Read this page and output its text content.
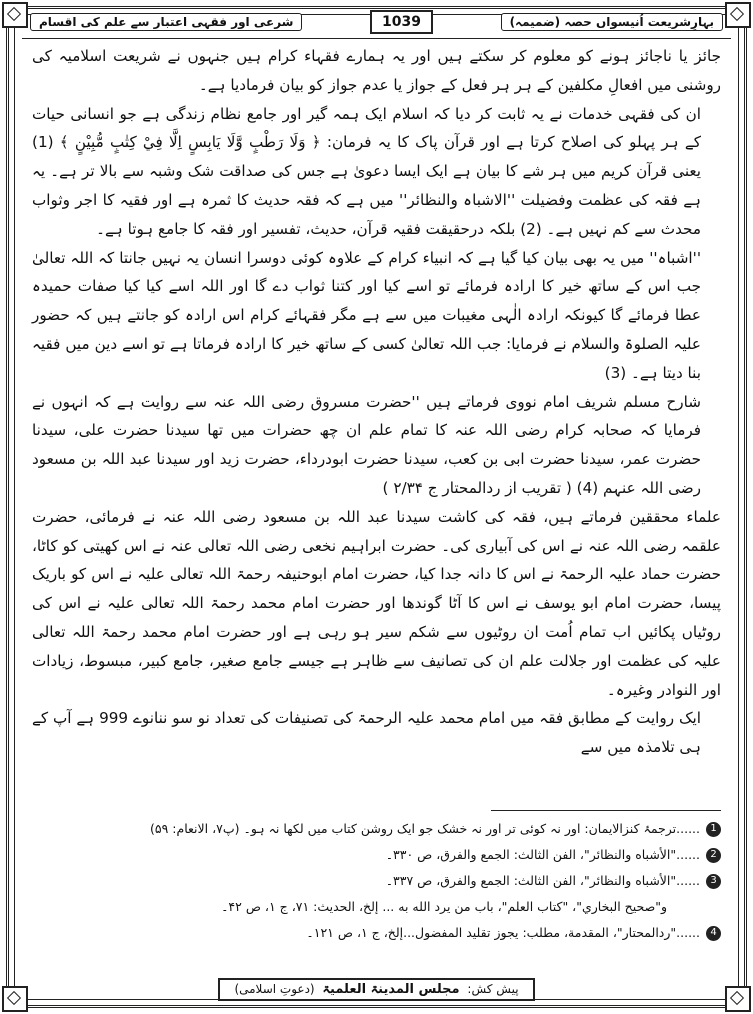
بہارِشریعت اُنیسواں حصہ (ضمیمہ)
1039
شرعی اور فقہی اعتبار سے علم کی اقسام

جائز یا ناجائز ہونے کو معلوم کر سکتے ہیں اور یہ ہمارے فقہاء کرام ہیں جنہوں نے شریعت اسلامیہ کی روشنی میں افعالِ مکلفین کے ہر ہر فعل کے جواز یا عدم جواز کو بیان فرمادیا ہے۔

ان کی فقہی خدمات نے یہ ثابت کر دیا کہ اسلام ایک ہمہ گیر اور جامع نظام زندگی ہے جو انسانی حیات کے ہر پہلو کی اصلاح کرتا ہے اور قرآن پاک کا یہ فرمان: ﴿ وَلَا رَطْبٍ وَّلَا يَابِسٍ اِلَّا فِيْ كِتٰبٍ مُّبِيْنٍ ﴾ (1) یعنی قرآن کریم میں ہر شے کا بیان ہے ایک ایسا دعویٰ ہے جس کی صداقت شک وشبہ سے بالا تر ہے۔ یہ ہے فقہ کی عظمت وفضیلت ''الاشباہ والنظائر'' میں ہے کہ فقہ حدیث کا ثمرہ ہے اور فقیہ کا اجر وثواب محدث سے کم نہیں ہے۔ (2) بلکہ درحقیقت فقیہ قرآن، حدیث، تفسیر اور فقہ کا جامع ہوتا ہے۔

''اشباہ'' میں یہ بھی بیان کیا گیا ہے کہ انبیاء کرام کے علاوہ کوئی دوسرا انسان یہ نہیں جانتا کہ اللہ تعالیٰ جب اس کے ساتھ خیر کا ارادہ فرمائے تو اسے کیا اور کتنا ثواب دے گا اور اللہ اسے کیا کیا صفات حمیدہ عطا فرمائے گا کیونکہ ارادہ الٰہی مغیبات میں سے ہے مگر فقہائے کرام اس ارادہ کو جانتے ہیں کہ حضور علیہ الصلوۃ والسلام نے فرمایا: جب اللہ تعالیٰ کسی کے ساتھ خیر کا ارادہ فرماتا ہے تو اسے دین میں فقیہ بنا دیتا ہے۔ (3)

شارح مسلم شریف امام نووی فرماتے ہیں ''حضرت مسروق رضی اللہ عنہ سے روایت ہے کہ انہوں نے فرمایا کہ صحابہ کرام رضی اللہ عنہ کا تمام علم ان چھ حضرات میں تھا سیدنا حضرت علی، سیدنا حضرت عمر، سیدنا حضرت ابی بن کعب، سیدنا حضرت ابودرداء، حضرت زید اور سیدنا عبد اللہ بن مسعود رضی اللہ عنہم (4) ( تقریب از ردالمحتار ج ۲/۳۴ )

علماء محققین فرماتے ہیں، فقہ کی کاشت سیدنا عبد اللہ بن مسعود رضی اللہ عنہ نے فرمائی، حضرت علقمہ رضی اللہ عنہ نے اس کی آبیاری کی۔ حضرت ابراہیم نخعی رضی اللہ تعالی عنہ نے اس کھیتی کو کاٹا، حضرت حماد علیہ الرحمۃ نے اس کا دانہ جدا کیا، حضرت امام ابوحنیفہ رحمۃ اللہ تعالی علیہ نے اس کو باریک پیسا، حضرت امام ابو یوسف نے اس کا آٹا گوندھا اور حضرت امام محمد رحمۃ اللہ تعالی علیہ نے اس کی روٹیاں پکائیں اب تمام اُمت ان روٹیوں سے شکم سیر ہو رہی ہے اور حضرت امام محمد رحمۃ اللہ تعالی علیہ کی عظمت اور جلالت علم ان کی تصانیف سے ظاہر ہے جیسے جامع صغیر، جامع کبیر، مبسوط، زیادات اور النوادر وغیرہ۔

ایک روایت کے مطابق فقہ میں امام محمد علیہ الرحمۃ کی تصنیفات کی تعداد نو سو ننانوے 999 ہے آپ کے ہی تلامذہ میں سے

1
......ترجمۂ کنزالایمان: اور نہ کوئی تر اور نہ خشک جو ایک روشن کتاب میں لکھا نہ ہو۔ (پ۷، الانعام: ۵۹)
2
......"الأشباه والنظائر"، الفن الثالث: الجمع والفرق، ص ۳۳۰۔
3
......"الأشباه والنظائر"، الفن الثالث: الجمع والفرق، ص ۳۳۷۔
و"صحيح البخاري"، "كتاب العلم"، باب من يرد الله به ... إلخ، الحديث: ۷۱، ج ۱، ص ۴۲۔
4
......"ردالمحتار"، المقدمة، مطلب: يجوز تقليد المفضول...إلخ، ج ۱، ص ۱۲۱۔
پیش کش: مجلس المدینۃ العلمیۃ (دعوتِ اسلامی)
